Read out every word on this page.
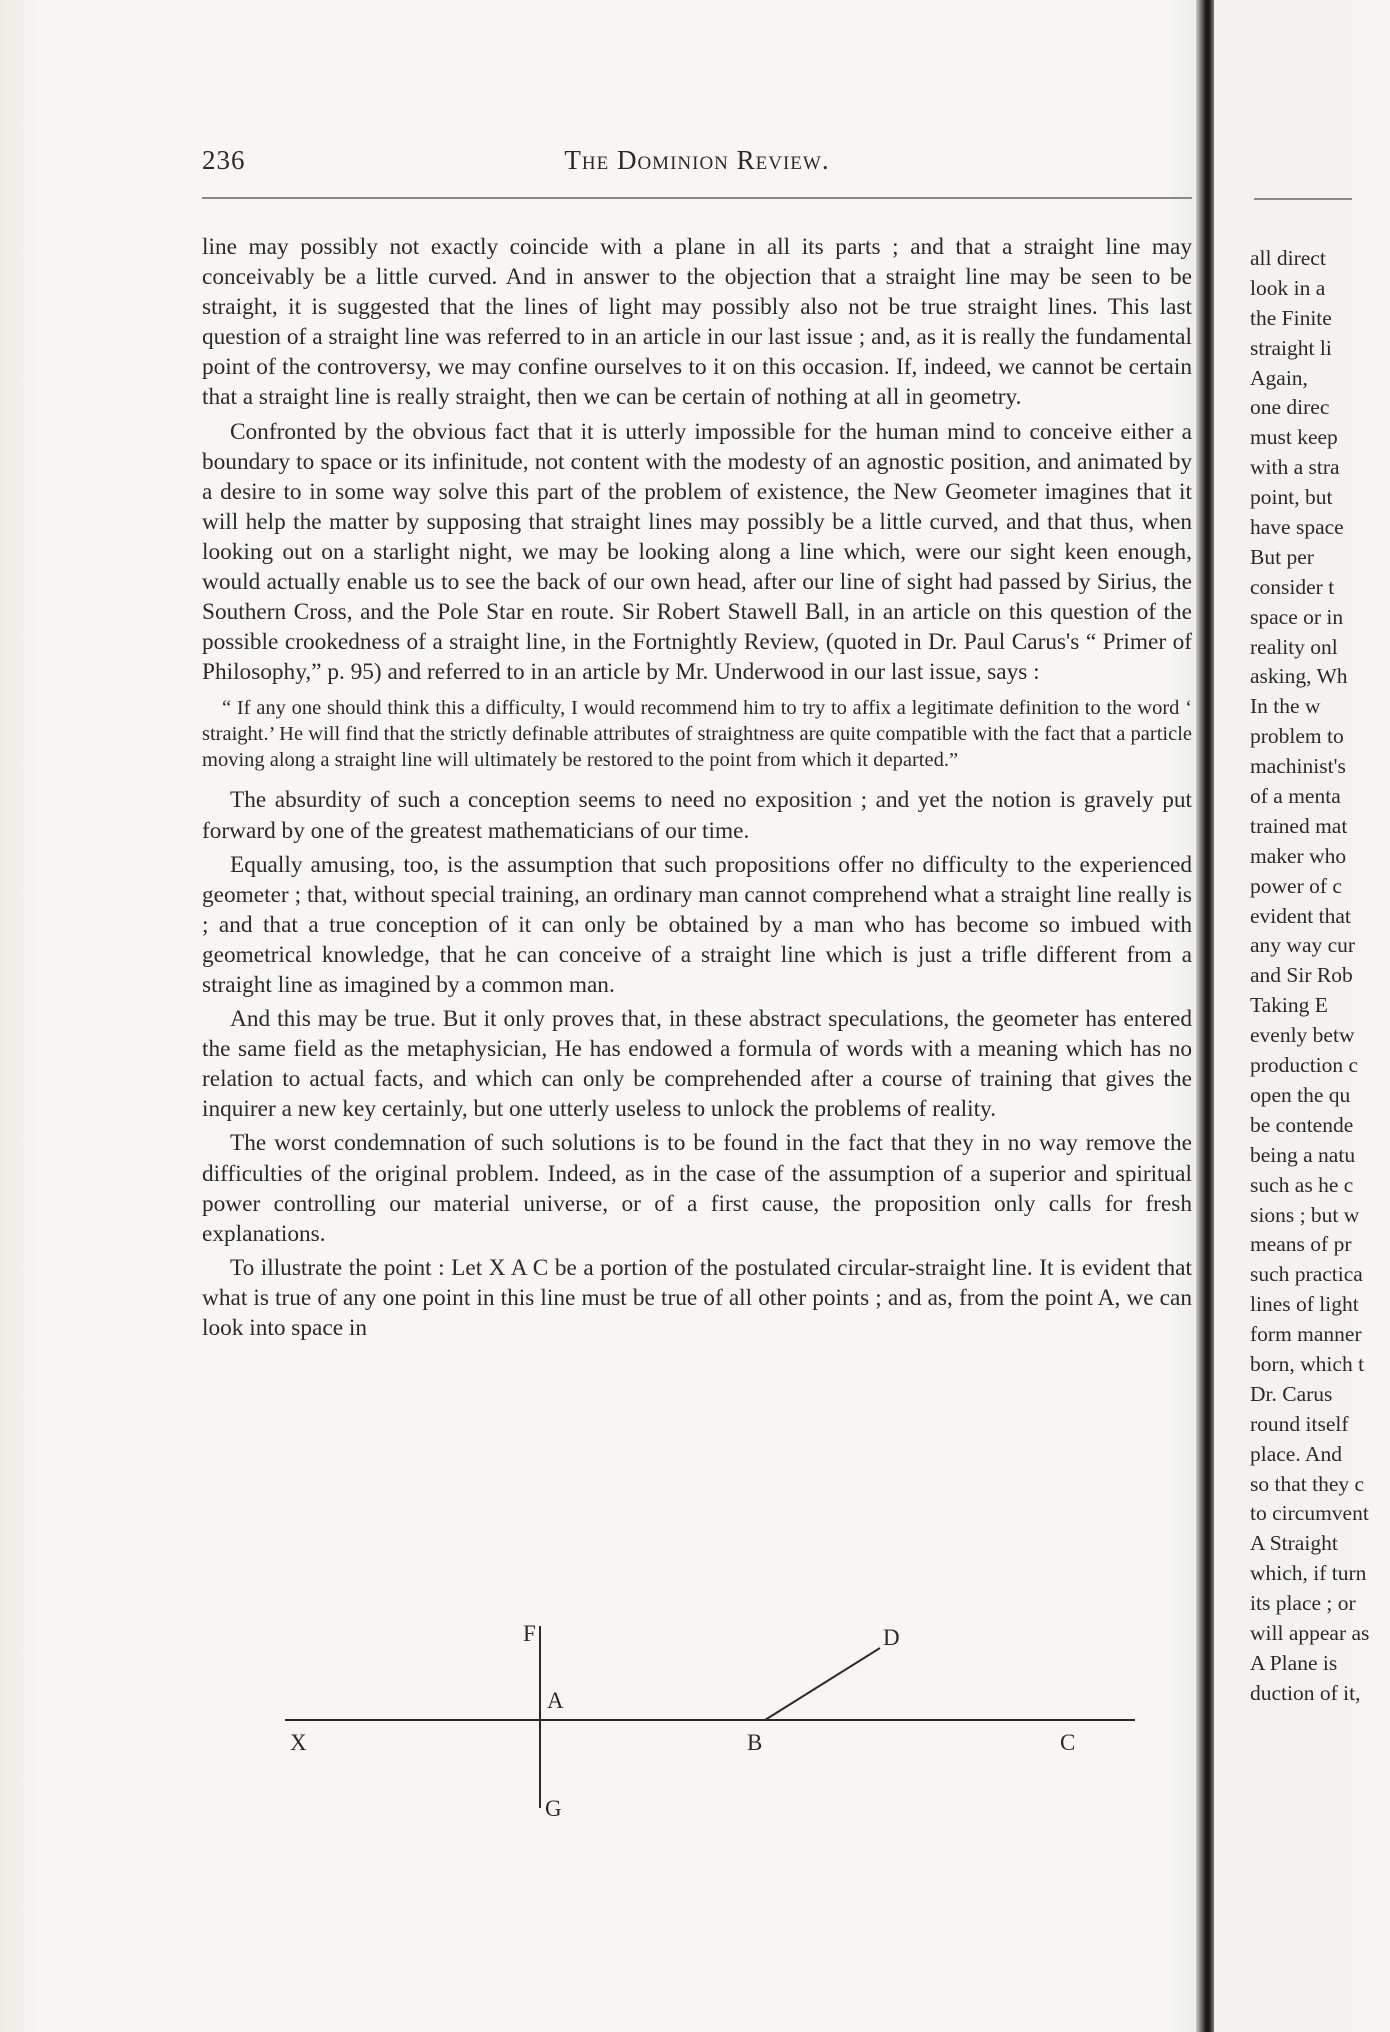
236	The Dominion Review.

line may possibly not exactly coincide with a plane in all its parts ; and that a straight line may conceivably be a little curved. And in answer to the objection that a straight line may be seen to be straight, it is suggested that the lines of light may possibly also not be true straight lines. This last question of a straight line was referred to in an article in our last issue ; and, as it is really the fundamental point of the controversy, we may confine ourselves to it on this occasion. If, indeed, we cannot be certain that a straight line is really straight, then we can be certain of nothing at all in geometry.

Confronted by the obvious fact that it is utterly impossible for the human mind to conceive either a boundary to space or its infinitude, not content with the modesty of an agnostic position, and animated by a desire to in some way solve this part of the problem of existence, the New Geometer imagines that it will help the matter by supposing that straight lines may possibly be a little curved, and that thus, when looking out on a starlight night, we may be looking along a line which, were our sight keen enough, would actually enable us to see the back of our own head, after our line of sight had passed by Sirius, the Southern Cross, and the Pole Star en route. Sir Robert Stawell Ball, in an article on this question of the possible crookedness of a straight line, in the Fortnightly Review, (quoted in Dr. Paul Carus's “ Primer of Philosophy,” p. 95) and referred to in an article by Mr. Underwood in our last issue, says :

“ If any one should think this a difficulty, I would recommend him to try to affix a legitimate definition to the word ‘ straight.’ He will find that the strictly definable attributes of straightness are quite compatible with the fact that a particle moving along a straight line will ultimately be restored to the point from which it departed.”

The absurdity of such a conception seems to need no exposition ; and yet the notion is gravely put forward by one of the greatest mathematicians of our time.

Equally amusing, too, is the assumption that such propositions offer no difficulty to the experienced geometer ; that, without special training, an ordinary man cannot comprehend what a straight line really is ; and that a true conception of it can only be obtained by a man who has become so imbued with geometrical knowledge, that he can conceive of a straight line which is just a trifle different from a straight line as imagined by a common man.

And this may be true. But it only proves that, in these abstract speculations, the geometer has entered the same field as the metaphysician, He has endowed a formula of words with a meaning which has no relation to actual facts, and which can only be comprehended after a course of training that gives the inquirer a new key certainly, but one utterly useless to unlock the problems of reality.

The worst condemnation of such solutions is to be found in the fact that they in no way remove the difficulties of the original problem. Indeed, as in the case of the assumption of a superior and spiritual power controlling our material universe, or of a first cause, the proposition only calls for fresh explanations.

To illustrate the point : Let X A C be a portion of the postulated circular-straight line. It is evident that what is true of any one point in this line must be true of all other points ; and as, from the point A, we can look into space in

X
F
A
B	C
D
G
all direct
look in a
the Finite
straight li
Again,
one direc
must keep
with a stra
point, but
have space
But per
consider t
space or in
reality onl
asking, Wh
In the w
problem to
machinist's
of a menta
trained mat
maker who
power of c
evident that
any way cur
and Sir Rob
Taking E
evenly betw
production c
open the qu
be contende
being a natu
such as he c
sions ; but w
means of pr
such practica
lines of light
form manner
born, which t
Dr. Carus
round itself
place. And
so that they c
to circumvent
A Straight
which, if turn
its place ; or
will appear as
A Plane is
duction of it,
